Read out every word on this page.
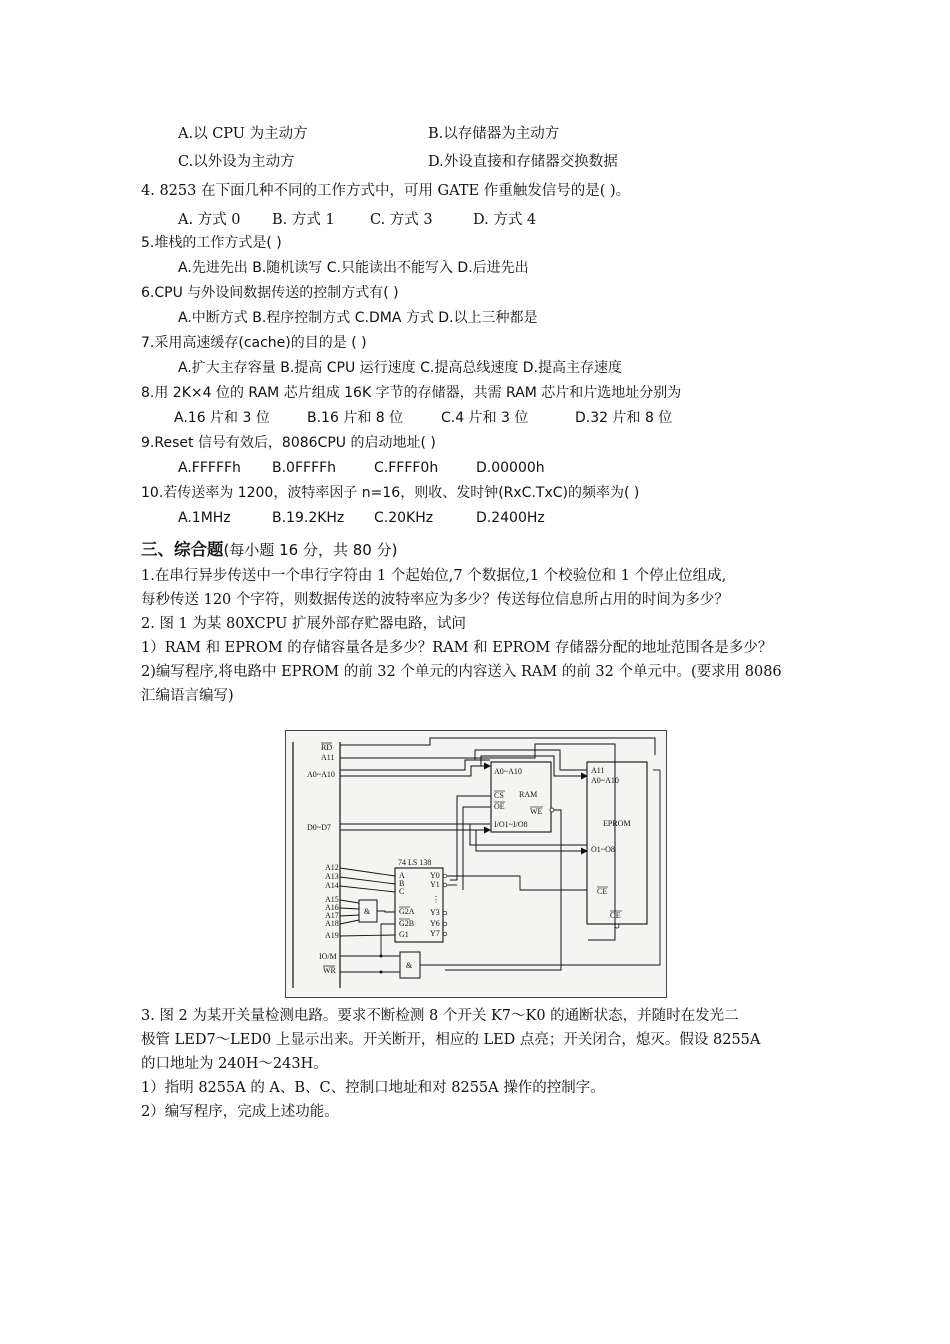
A.以 CPU 为主动方	B.以存储器为主动方
C.以外设为主动方	D.外设直接和存储器交换数据
4. 8253 在下面几种不同的工作方式中，可用 GATE 作重触发信号的是( )。
A. 方式 0 B. 方式 1 C. 方式 3	D. 方式 4
5.堆栈的工作方式是( )
A.先进先出 B.随机读写 C.只能读出不能写入 D.后进先出
6.CPU 与外设间数据传送的控制方式有( )
A.中断方式 B.程序控制方式 C.DMA 方式 D.以上三种都是
7.采用高速缓存(cache)的目的是 ( )
A.扩大主存容量 B.提高 CPU 运行速度 C.提高总线速度 D.提高主存速度
8.用 2K×4 位的 RAM 芯片组成 16K 字节的存储器，共需 RAM 芯片和片选地址分别为
A.16 片和 3 位	B.16 片和 8 位	C.4 片和 3 位	D.32 片和 8 位
9.Reset 信号有效后，8086CPU 的启动地址( )
A.FFFFFh B.0FFFFh	C.FFFF0h	D.00000h
10.若传送率为 1200，波特率因子 n=16，则收、发时钟(RxC.TxC)的频率为( )
A.1MHz	B.19.2KHz C.20KHz	D.2400Hz
三、综合题(每小题 16 分，共 80 分)
1.在串行异步传送中一个串行字符由 1 个起始位,7 个数据位,1 个校验位和 1 个停止位组成,
每秒传送 120 个字符，则数据传送的波特率应为多少？传送每位信息所占用的时间为多少？
2. 图 1 为某 80XCPU 扩展外部存贮器电路，试问
1）RAM 和 EPROM 的存储容量各是多少？RAM 和 EPROM 存储器分配的地址范围各是多少？
2)编写程序,将电路中 EPROM 的前 32 个单元的内容送入 RAM 的前 32 个单元中。(要求用 8086
汇编语言编写)
RD
A11
A0~A10
D0~D7
A12
A13
A14
A15
A16
A17
A18
A19
IO/M
WR
A0~A10
CS
OE
RAM
WE
I/O1~I/O8
74 LS 138
A
B
C
G2A
G2B
G1
Y0
Y1
⋮
Y3
Y6
Y7
&
&
A11
A0~A10
EPROM
O1~O8
CE
OE
3. 图 2 为某开关量检测电路。要求不断检测 8 个开关 K7～K0 的通断状态，并随时在发光二
极管 LED7～LED0 上显示出来。开关断开，相应的 LED 点亮；开关闭合，熄灭。假设 8255A
的口地址为 240H～243H。
1）指明 8255A 的 A、B、C、控制口地址和对 8255A 操作的控制字。
2）编写程序，完成上述功能。
